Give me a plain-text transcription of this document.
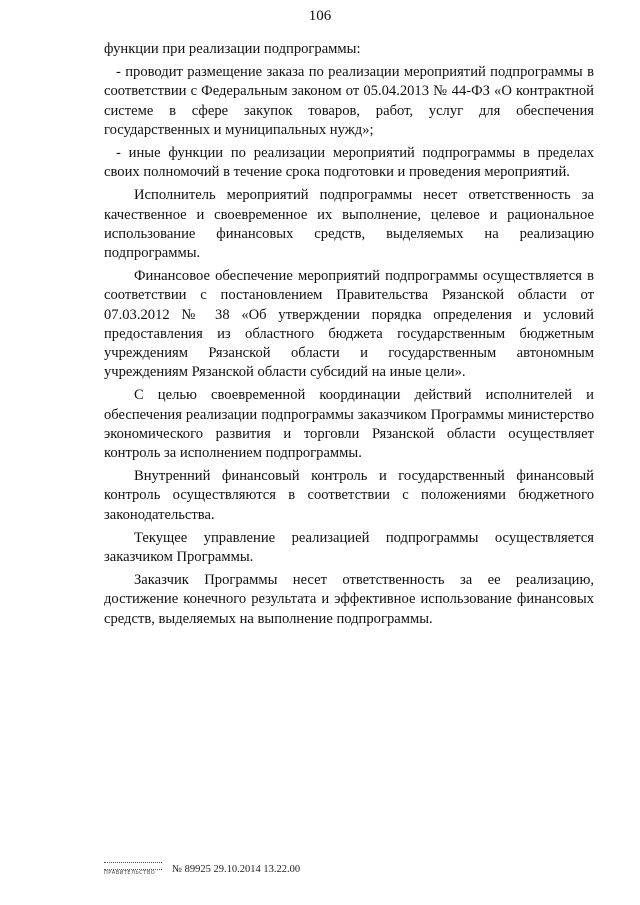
106

функции при реализации подпрограммы:

- проводит размещение заказа по реализации мероприятий подпрограммы в соответствии с Федеральным законом от 05.04.2013 № 44-ФЗ «О контрактной системе в сфере закупок товаров, работ, услуг для обеспечения государственных и муниципальных нужд»;

- иные функции по реализации мероприятий подпрограммы в пределах своих полномочий в течение срока подготовки и проведения мероприятий.

Исполнитель мероприятий подпрограммы несет ответственность за качественное и своевременное их выполнение, целевое и рациональное использование финансовых средств, выделяемых на реализацию подпрограммы.

Финансовое обеспечение мероприятий подпрограммы осуществляется в соответствии с постановлением Правительства Рязанской области от 07.03.2012 № 38 «Об утверждении порядка определения и условий предоставления из областного бюджета государственным бюджетным учреждениям Рязанской области и государственным автономным учреждениям Рязанской области субсидий на иные цели».

С целью своевременной координации действий исполнителей и обеспечения реализации подпрограммы заказчиком Программы министерство экономического развития и торговли Рязанской области осуществляет контроль за исполнением подпрограммы.

Внутренний финансовый контроль и государственный финансовый контроль осуществляются в соответствии с положениями бюджетного законодательства.

Текущее управление реализацией подпрограммы осуществляется заказчиком Программы.

Заказчик Программы несет ответственность за ее реализацию, достижение конечного результата и эффективное использование финансовых средств, выделяемых на выполнение подпрограммы.

ПРАВИТЕЛЬСТВО	№ 89925 29.10.2014 13.22.00
